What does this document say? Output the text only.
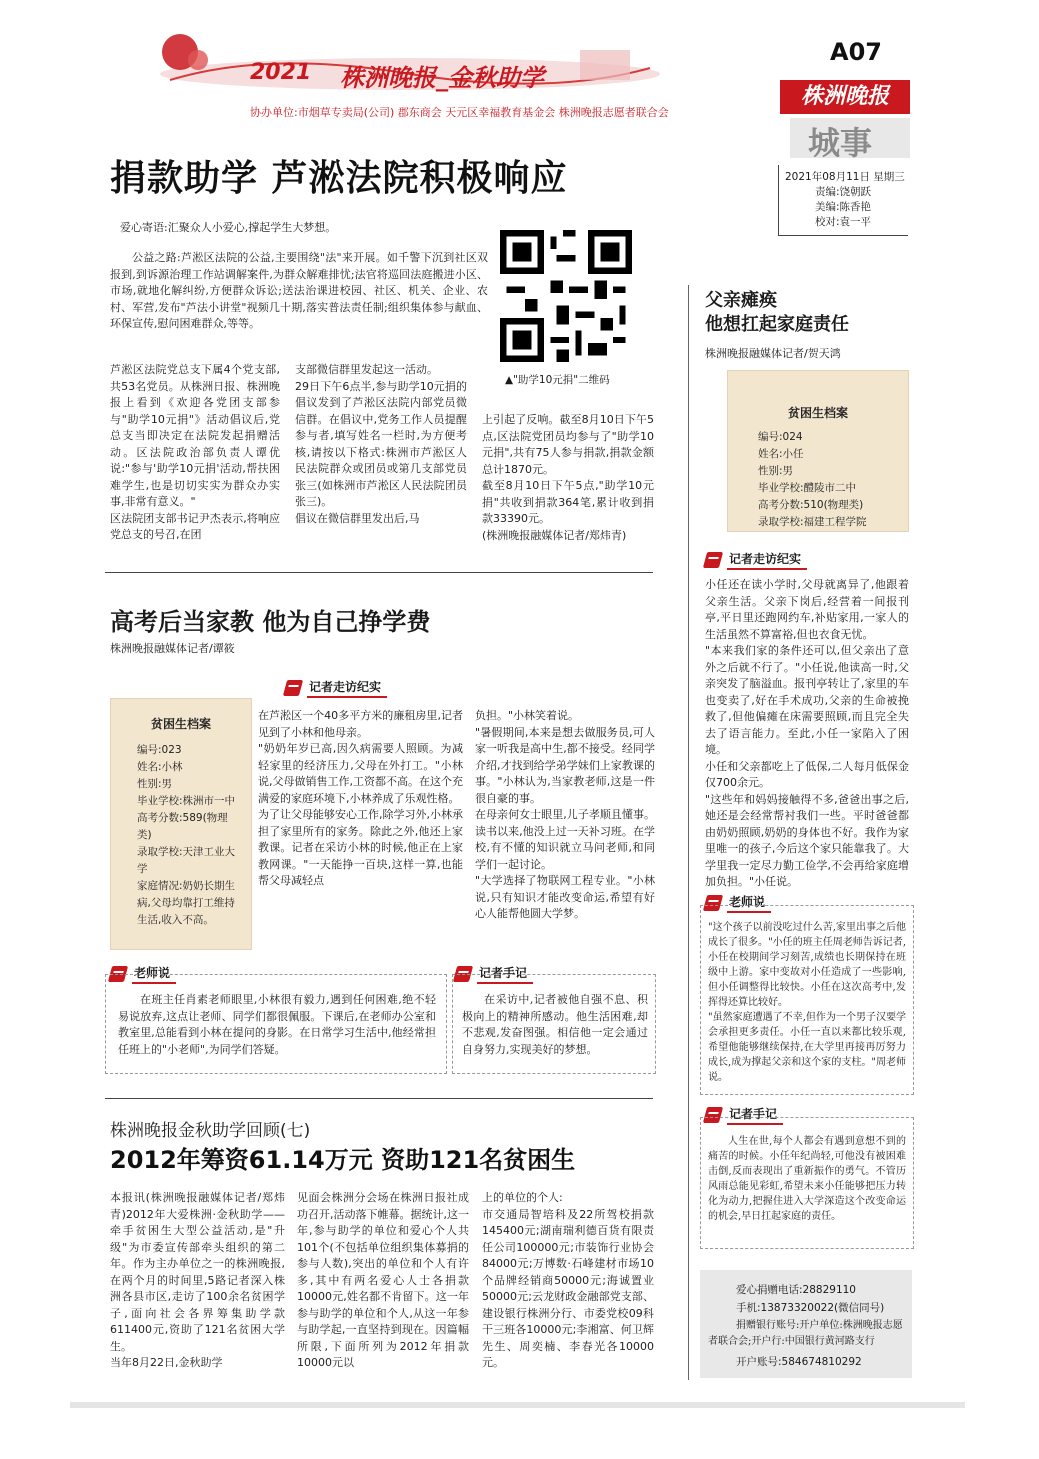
2021 株洲晚报_金秋助学
协办单位:市烟草专卖局(公司) 郡东商会 天元区幸福教育基金会 株洲晚报志愿者联合会
A07
株洲晚报
城事
2021年08月11日 星期三
责编:饶朝跃
美编:陈香艳
校对:袁一平
捐款助学 芦淞法院积极响应
爱心寄语:汇聚众人小爱心,撑起学生大梦想。
公益之路:芦淞区法院的公益,主要围绕"法"来开展。如千警下沉到社区双报到,到诉源治理工作站调解案件,为群众解难排忧;法官将巡回法庭搬进小区、市场,就地化解纠纷,方便群众诉讼;送法治课进校园、社区、机关、企业、农村、军营,发布"芦法小讲堂"视频几十期,落实普法责任制;组织集体参与献血、环保宣传,慰问困难群众,等等。
▲"助学10元捐"二维码
芦淞区法院党总支下属4个党支部,共53名党员。从株洲日报、株洲晚报上看到《欢迎各党团支部参与"助学10元捐"》活动倡议后,党总支当即决定在法院发起捐赠活动。区法院政治部负责人谭优说:"参与'助学10元捐'活动,帮扶困难学生,也是切切实实为群众办实事,非常有意义。"
区法院团支部书记尹杰表示,将响应党总支的号召,在团
支部微信群里发起这一活动。
29日下午6点半,参与助学10元捐的倡议发到了芦淞区法院内部党员微信群。在倡议中,党务工作人员提醒参与者,填写姓名一栏时,为方便考核,请按以下格式:株洲市芦淞区人民法院群众或团员或第几支部党员张三(如株洲市芦淞区人民法院团员张三)。
倡议在微信群里发出后,马
上引起了反响。截至8月10日下午5点,区法院党团员均参与了"助学10元捐",共有75人参与捐款,捐款金额总计1870元。
截至8月10日下午5点,"助学10元捐"共收到捐款364笔,累计收到捐款33390元。
(株洲晚报融媒体记者/郑炜青)
高考后当家教 他为自己挣学费
株洲晚报融媒体记者/谭筱
记者走访纪实
贫困生档案
编号:023
姓名:小林
性别:男
毕业学校:株洲市一中
高考分数:589(物理类)
录取学校:天津工业大学
家庭情况:奶奶长期生病,父母均靠打工维持生活,收入不高。
在芦淞区一个40多平方米的廉租房里,记者见到了小林和他母亲。
"奶奶年岁已高,因久病需要人照顾。为减轻家里的经济压力,父母在外打工。"小林说,父母做销售工作,工资都不高。在这个充满爱的家庭环境下,小林养成了乐观性格。
为了让父母能够安心工作,除学习外,小林承担了家里所有的家务。除此之外,他还上家教课。记者在采访小林的时候,他正在上家教网课。"一天能挣一百块,这样一算,也能帮父母减轻点
负担。"小林笑着说。
"暑假期间,本来是想去做服务员,可人家一听我是高中生,都不接受。经同学介绍,才找到给学弟学妹们上家教课的事。"小林认为,当家教老师,这是一件很自豪的事。
在母亲何女士眼里,儿子孝顺且懂事。读书以来,他没上过一天补习班。在学校,有不懂的知识就立马问老师,和同学们一起讨论。
"大学选择了物联网工程专业。"小林说,只有知识才能改变命运,希望有好心人能帮他圆大学梦。
老师说
在班主任肖素老师眼里,小林很有毅力,遇到任何困难,绝不轻易说放弃,这点让老师、同学们都很佩服。下课后,在老师办公室和教室里,总能看到小林在提问的身影。在日常学习生活中,他经常担任班上的"小老师",为同学们答疑。
记者手记
在采访中,记者被他自强不息、积极向上的精神所感动。他生活困难,却不悲观,发奋图强。相信他一定会通过自身努力,实现美好的梦想。
株洲晚报金秋助学回顾(七)
2012年筹资61.14万元 资助121名贫困生
本报讯(株洲晚报融媒体记者/郑炜青)2012年大爱株洲·金秋助学——牵手贫困生大型公益活动,是"升级"为市委宣传部牵头组织的第二年。作为主办单位之一的株洲晚报,在两个月的时间里,5路记者深入株洲各县市区,走访了100余名贫困学子,面向社会各界筹集助学款611400元,资助了121名贫困大学生。
当年8月22日,金秋助学
见面会株洲分会场在株洲日报社成功召开,活动落下帷幕。据统计,这一年,参与助学的单位和爱心个人共101个(不包括单位组织集体募捐的参与人数),突出的单位和个人有许多,其中有两名爱心人士各捐款10000元,姓名都不肯留下。这一年参与助学的单位和个人,从这一年参与助学起,一直坚持到现在。因篇幅所限,下面所列为2012年捐款10000元以
上的单位的个人:
市交通局智培科及22所驾校捐款145400元;湖南瑞利德百货有限责任公司100000元;市装饰行业协会84000元;万博数·石峰建材市场10个品牌经销商50000元;海诚置业50000元;云龙财政金融部党支部、建设银行株洲分行、市委党校09科干三班各10000元;李湘富、何卫辉先生、周奕楠、李春光各10000元。
父亲瘫痪
他想扛起家庭责任
株洲晚报融媒体记者/贺天鸿
贫困生档案
编号:024
姓名:小任
性别:男
毕业学校:醴陵市二中
高考分数:510(物理类)
录取学校:福建工程学院
记者走访纪实
小任还在读小学时,父母就离异了,他跟着父亲生活。父亲下岗后,经营着一间报刊亭,平日里还跑网约车,补贴家用,一家人的生活虽然不算富裕,但也衣食无忧。
"本来我们家的条件还可以,但父亲出了意外之后就不行了。"小任说,他读高一时,父亲突发了脑溢血。报刊亭转让了,家里的车也变卖了,好在手术成功,父亲的生命被挽救了,但他偏瘫在床需要照顾,而且完全失去了语言能力。至此,小任一家陷入了困境。
小任和父亲都吃上了低保,二人每月低保金仅700余元。
"这些年和妈妈接触得不多,爸爸出事之后,她还是会经常帮衬我们一些。平时爸爸都由奶奶照顾,奶奶的身体也不好。我作为家里唯一的孩子,今后这个家只能靠我了。大学里我一定尽力勤工俭学,不会再给家庭增加负担。"小任说。
老师说
"这个孩子以前没吃过什么苦,家里出事之后他成长了很多。"小任的班主任周老师告诉记者,小任在校期间学习刻苦,成绩也长期保持在班级中上游。家中变故对小任造成了一些影响,但小任调整得比较快。小任在这次高考中,发挥得还算比较好。
"虽然家庭遭遇了不幸,但作为一个男子汉要学会承担更多责任。小任一直以来都比较乐观,希望他能够继续保持,在大学里再接再厉努力成长,成为撑起父亲和这个家的支柱。"周老师说。
记者手记
人生在世,每个人都会有遇到意想不到的痛苦的时候。小任年纪尚轻,可他没有被困难击倒,反而表现出了重新振作的勇气。不管历风雨总能见彩虹,希望未来小任能够把压力转化为动力,把握住进入大学深造这个改变命运的机会,早日扛起家庭的责任。
爱心捐赠电话:28829110
手机:13873320022(微信同号)
捐赠银行账号:开户单位:株洲晚报志愿者联合会;开户行:中国银行黄河路支行
开户账号:584674810292
